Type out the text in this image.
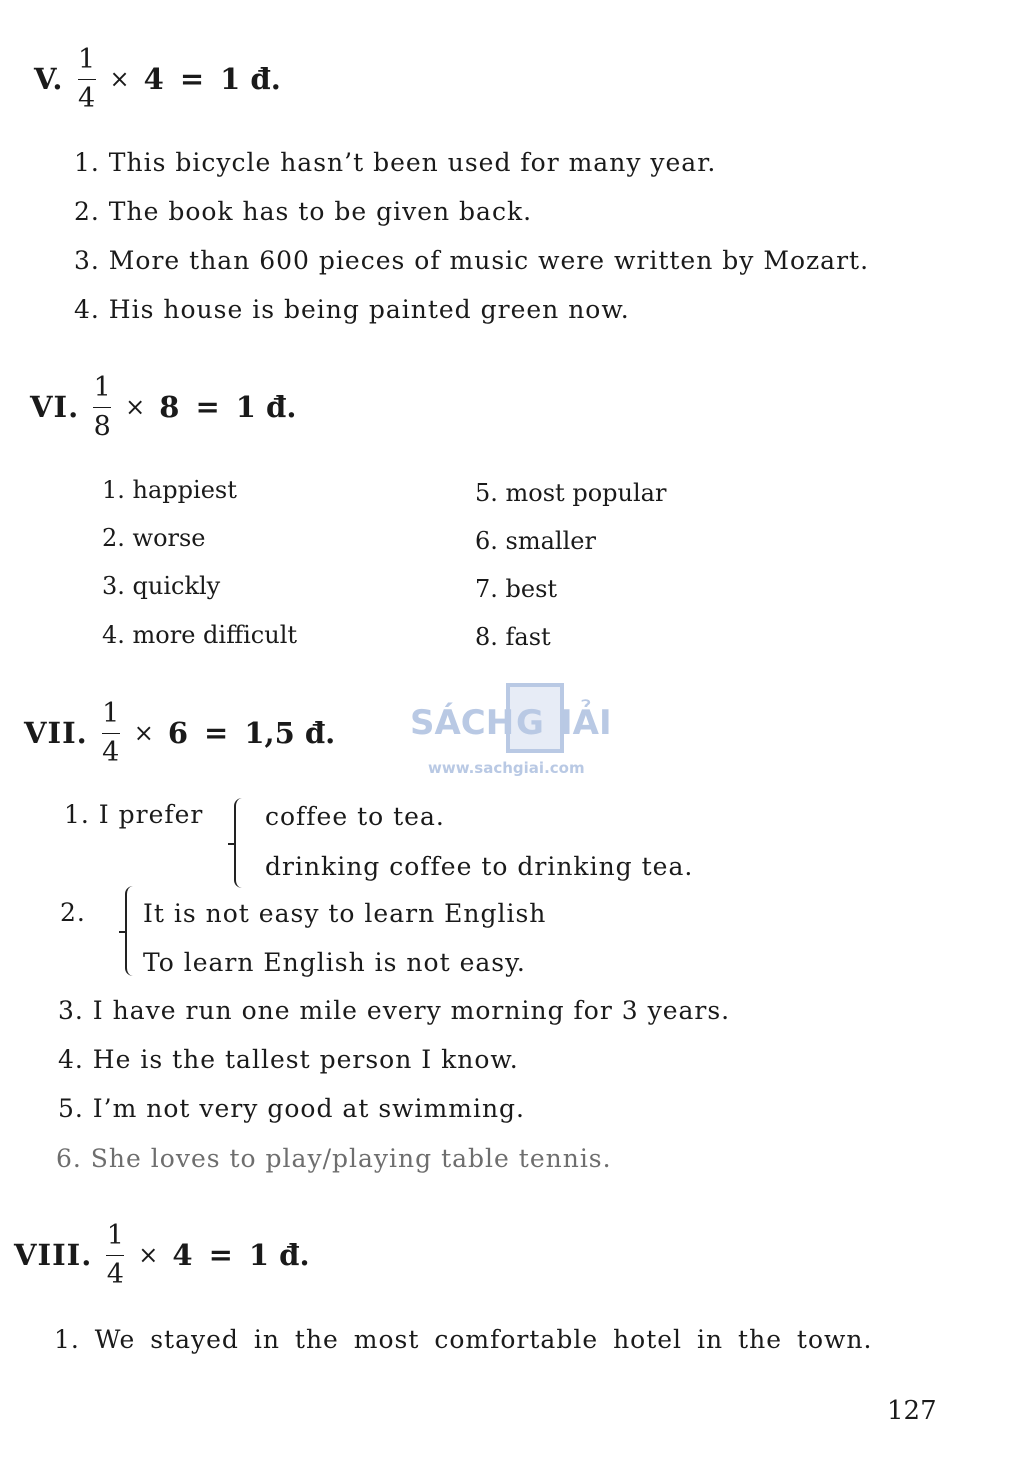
V. $\frac{1}{4} \times 4 = 1$ đ.
1. This bicycle hasn’t been used for many year.
2. The book has to be given back.
3. More than 600 pieces of music were written by Mozart.
4. His house is being painted green now.
VI. $\frac{1}{8} \times 8 = 1$ đ.
1. happiest
2. worse
3. quickly
4. more difficult
5. most popular
6. smaller
7. best
8. fast
SÁCH G IẢI
www.sachgiai.com
VII. $\frac{1}{4} \times 6 = 1,5$ đ.
1. I prefer coffee to tea.
drinking coffee to drinking tea.
2. It is not easy to learn English
To learn English is not easy.
3. I have run one mile every morning for 3 years.
4. He is the tallest person I know.
5. I’m not very good at swimming.
6. She loves to play/playing table tennis.
VIII. $\frac{1}{4} \times 4 = 1$ đ.
1. We stayed in the most comfortable hotel in the town.
127
